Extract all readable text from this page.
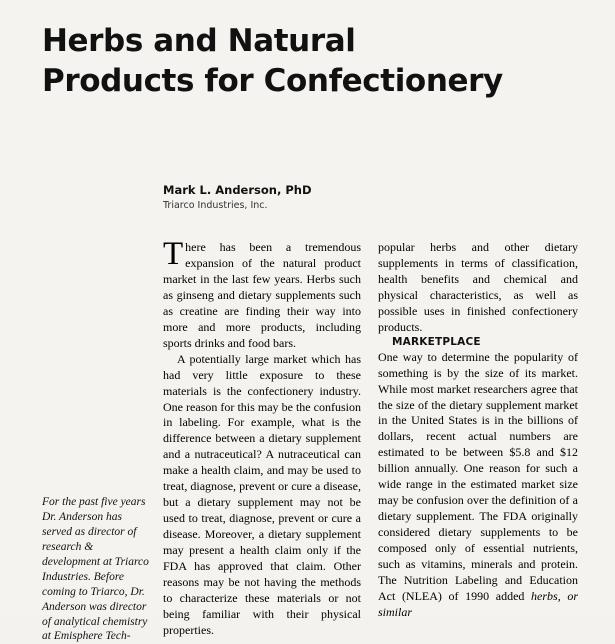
Herbs and Natural
Products for Confectionery

Mark L. Anderson, PhD

Triarco Industries, Inc.

For the past five years Dr. Anderson has served as director of research & development at Triarco Industries. Before coming to Triarco, Dr. Anderson was director of analytical chemistry at Emisphere Tech-

There has been a tremendous expansion of the natural product market in the last few years. Herbs such as ginseng and dietary supplements such as creatine are finding their way into more and more products, including sports drinks and food bars.

A potentially large market which has had very little exposure to these materials is the confectionery industry. One reason for this may be the confusion in labeling. For example, what is the difference between a dietary supplement and a nutraceutical? A nutraceutical can make a health claim, and may be used to treat, diagnose, prevent or cure a disease, but a dietary supplement may not be used to treat, diagnose, prevent or cure a disease. Moreover, a dietary supplement may present a health claim only if the FDA has approved that claim. Other reasons may be not having the methods to characterize these materials or not being familiar with their physical properties.

popular herbs and other dietary supplements in terms of classification, health benefits and chemical and physical characteristics, as well as possible uses in finished confectionery products.

MARKETPLACE

One way to determine the popularity of something is by the size of its market. While most market researchers agree that the size of the dietary supplement market in the United States is in the billions of dollars, recent actual numbers are estimated to be between $5.8 and $12 billion annually. One reason for such a wide range in the estimated market size may be confusion over the definition of a dietary supplement. The FDA originally considered dietary supplements to be composed only of essential nutrients, such as vitamins, minerals and protein. The Nutrition Labeling and Education Act (NLEA) of 1990 added herbs, or similar
